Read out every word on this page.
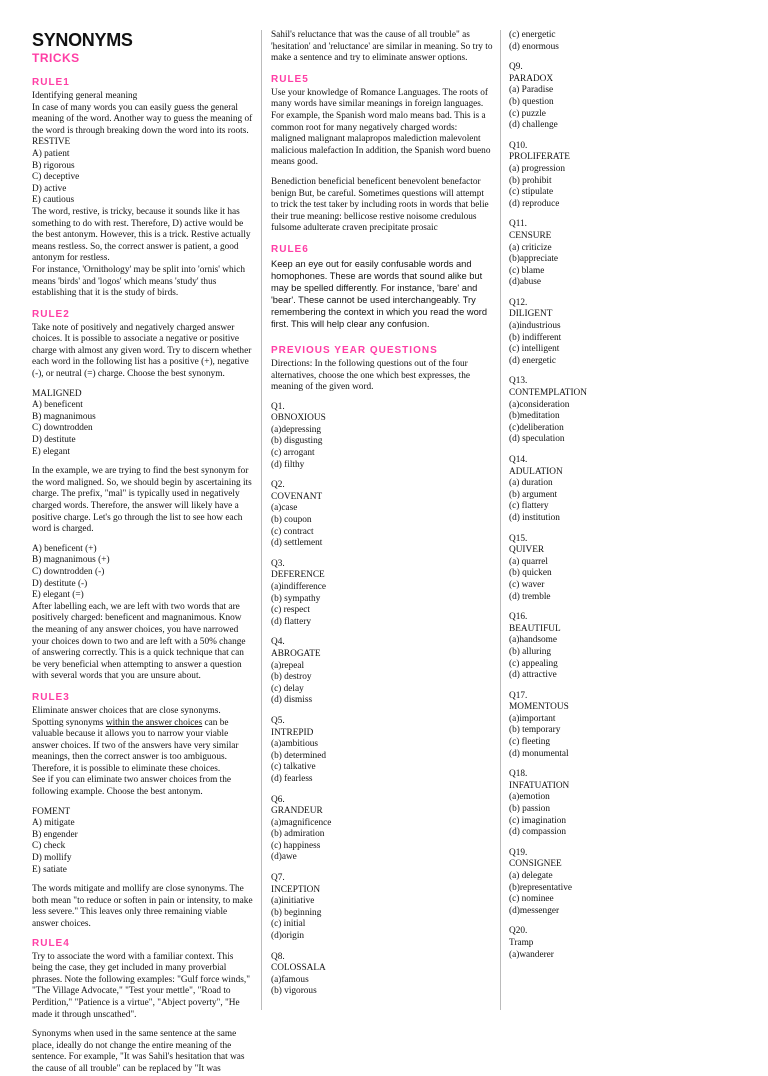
SYNONYMS
TRICKS
RULE1

Identifying general meaning

In case of many words you can easily guess the general meaning of the word. Another way to guess the meaning of the word is through breaking down the word into its roots.

RESTIVE

A) patient

B) rigorous

C) deceptive

D) active

E) cautious

The word, restive, is tricky, because it sounds like it has something to do with rest. Therefore, D) active would be the best antonym. However, this is a trick. Restive actually means restless. So, the correct answer is patient, a good antonym for restless.

For instance, 'Ornithology' may be split into 'ornis' which means 'birds' and 'logos' which means 'study' thus establishing that it is the study of birds.

RULE2

Take note of positively and negatively charged answer choices. It is possible to associate a negative or positive charge with almost any given word. Try to discern whether each word in the following list has a positive (+), negative (-), or neutral (=) charge. Choose the best synonym.

MALIGNED

A) beneficent

B) magnanimous

C) downtrodden

D) destitute

E) elegant

In the example, we are trying to find the best synonym for the word maligned. So, we should begin by ascertaining its charge. The prefix, "mal" is typically used in negatively charged words. Therefore, the answer will likely have a positive charge. Let's go through the list to see how each word is charged.

A) beneficent (+)

B) magnanimous (+)

C) downtrodden (-)

D) destitute (-)

E) elegant (=)

After labelling each, we are left with two words that are positively charged: beneficent and magnanimous. Know the meaning of any answer choices, you have narrowed your choices down to two and are left with a 50% change of answering correctly. This is a quick technique that can be very beneficial when attempting to answer a question with several words that you are unsure about.

RULE3

Eliminate answer choices that are close synonyms. Spotting synonyms within the answer choices can be valuable because it allows you to narrow your viable answer choices. If two of the answers have very similar meanings, then the correct answer is too ambiguous. Therefore, it is possible to eliminate these choices.

See if you can eliminate two answer choices from the following example. Choose the best antonym.

FOMENT

A) mitigate

B) engender

C) check

D) mollify

E) satiate

The words mitigate and mollify are close synonyms. The both mean "to reduce or soften in pain or intensity, to make less severe." This leaves only three remaining viable answer choices.

RULE4

Try to associate the word with a familiar context. This being the case, they get included in many proverbial phrases. Note the following examples: "Gulf force winds," "The Village Advocate," "Test your mettle", "Road to Perdition," "Patience is a virtue", "Abject poverty", "He made it through unscathed".

Synonyms when used in the same sentence at the same place, ideally do not change the entire meaning of the sentence. For example, "It was Sahil's hesitation that was the cause of all trouble" can be replaced by "It was

Sahil's reluctance that was the cause of all trouble" as 'hesitation' and 'reluctance' are similar in meaning. So try to make a sentence and try to eliminate answer options.

RULE5

Use your knowledge of Romance Languages. The roots of many words have similar meanings in foreign languages. For example, the Spanish word malo means bad. This is a common root for many negatively charged words: maligned malignant malapropos malediction malevolent malicious malefaction In addition, the Spanish word bueno means good.

Benediction beneficial beneficent benevolent benefactor benign But, be careful. Sometimes questions will attempt to trick the test taker by including roots in words that belie their true meaning: bellicose restive noisome credulous fulsome adulterate craven precipitate prosaic

RULE6

Keep an eye out for easily confusable words and homophones. These are words that sound alike but may be spelled differently. For instance, 'bare' and 'bear'. These cannot be used interchangeably. Try remembering the context in which you read the word first. This will help clear any confusion.

PREVIOUS YEAR QUESTIONS

Directions: In the following questions out of the four alternatives, choose the one which best expresses, the meaning of the given word.

Q1.

OBNOXIOUS

(a)depressing

(b) disgusting

(c) arrogant

(d) filthy

Q2.

COVENANT

(a)case

(b) coupon

(c) contract

(d) settlement

Q3.

DEFERENCE

(a)indifference

(b) sympathy

(c) respect

(d) flattery

Q4.

ABROGATE

(a)repeal

(b) destroy

(c) delay

(d) dismiss

Q5.

INTREPID

(a)ambitious

(b) determined

(c) talkative

(d) fearless

Q6.

GRANDEUR

(a)magnificence

(b) admiration

(c) happiness

(d)awe

Q7.

INCEPTION

(a)initiative

(b) beginning

(c) initial

(d)origin

Q8.

COLOSSALA

(a)famous

(b) vigorous

(c) energetic

(d) enormous

Q9.

PARADOX

(a) Paradise

(b) question

(c) puzzle

(d) challenge

Q10.

PROLIFERATE

(a) progression

(b) prohibit

(c) stipulate

(d) reproduce

Q11.

CENSURE

(a) criticize

(b)appreciate

(c) blame

(d)abuse

Q12.

DILIGENT

(a)industrious

(b) indifferent

(c) intelligent

(d) energetic

Q13.

CONTEMPLATION

(a)consideration

(b)meditation

(c)deliberation

(d) speculation

Q14.

ADULATION

(a) duration

(b) argument

(c) flattery

(d) institution

Q15.

QUIVER

(a) quarrel

(b) quicken

(c) waver

(d) tremble

Q16.

BEAUTIFUL

(a)handsome

(b) alluring

(c) appealing

(d) attractive

Q17.

MOMENTOUS

(a)important

(b) temporary

(c) fleeting

(d) monumental

Q18.

INFATUATION

(a)emotion

(b) passion

(c) imagination

(d) compassion

Q19.

CONSIGNEE

(a) delegate

(b)representative

(c) nominee

(d)messenger

Q20.

Tramp

(a)wanderer
